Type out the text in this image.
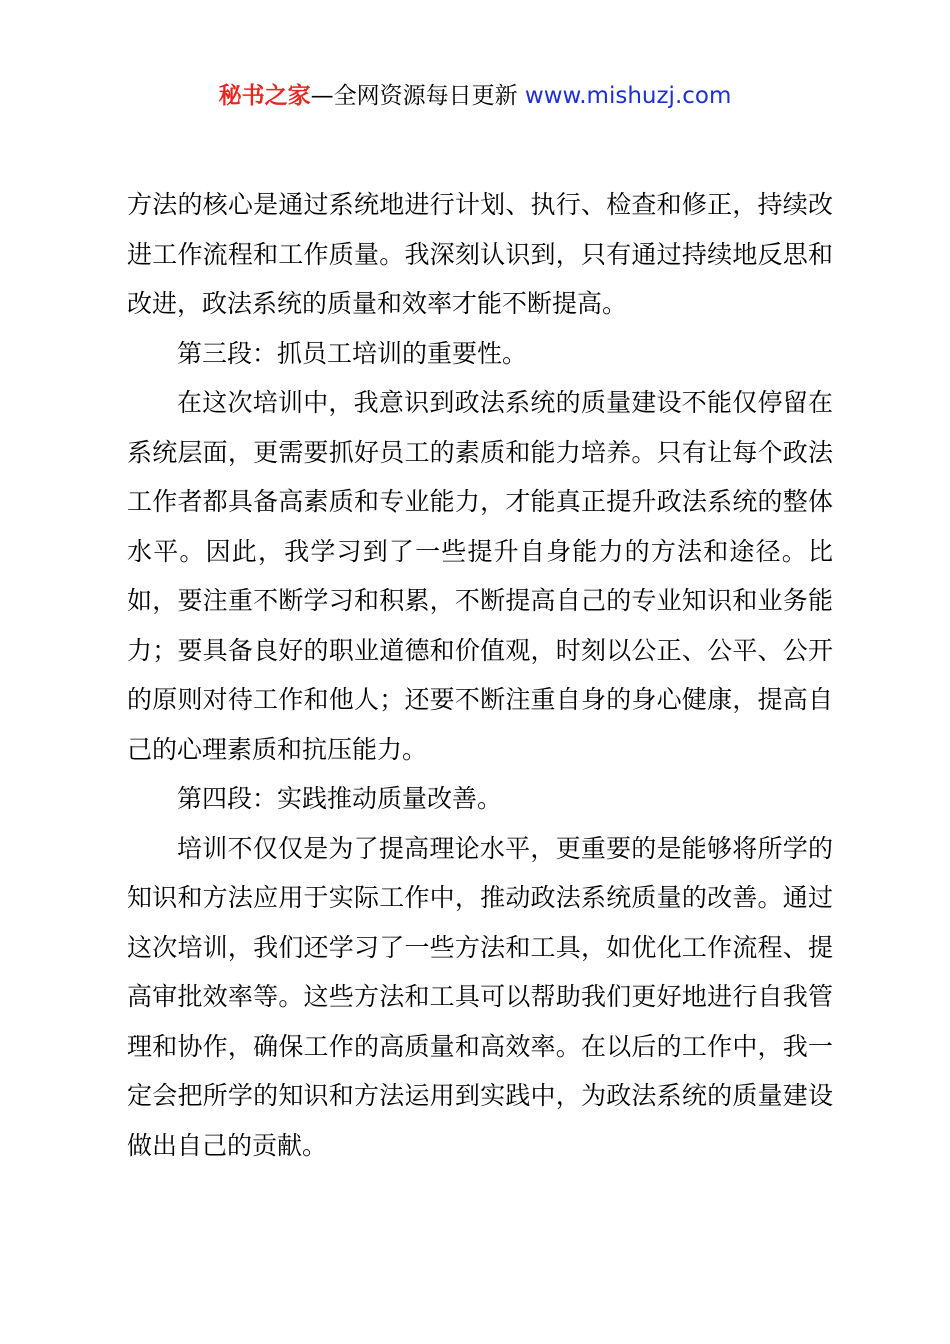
秘书之家—全网资源每日更新 www.mishuzj.com

方法的核心是通过系统地进行计划、执行、检查和修正，持续改进工作流程和工作质量。我深刻认识到，只有通过持续地反思和改进，政法系统的质量和效率才能不断提高。

第三段：抓员工培训的重要性。

在这次培训中，我意识到政法系统的质量建设不能仅停留在系统层面，更需要抓好员工的素质和能力培养。只有让每个政法工作者都具备高素质和专业能力，才能真正提升政法系统的整体水平。因此，我学习到了一些提升自身能力的方法和途径。比如，要注重不断学习和积累，不断提高自己的专业知识和业务能力；要具备良好的职业道德和价值观，时刻以公正、公平、公开的原则对待工作和他人；还要不断注重自身的身心健康，提高自己的心理素质和抗压能力。

第四段：实践推动质量改善。

培训不仅仅是为了提高理论水平，更重要的是能够将所学的知识和方法应用于实际工作中，推动政法系统质量的改善。通过这次培训，我们还学习了一些方法和工具，如优化工作流程、提高审批效率等。这些方法和工具可以帮助我们更好地进行自我管理和协作，确保工作的高质量和高效率。在以后的工作中，我一定会把所学的知识和方法运用到实践中，为政法系统的质量建设做出自己的贡献。
